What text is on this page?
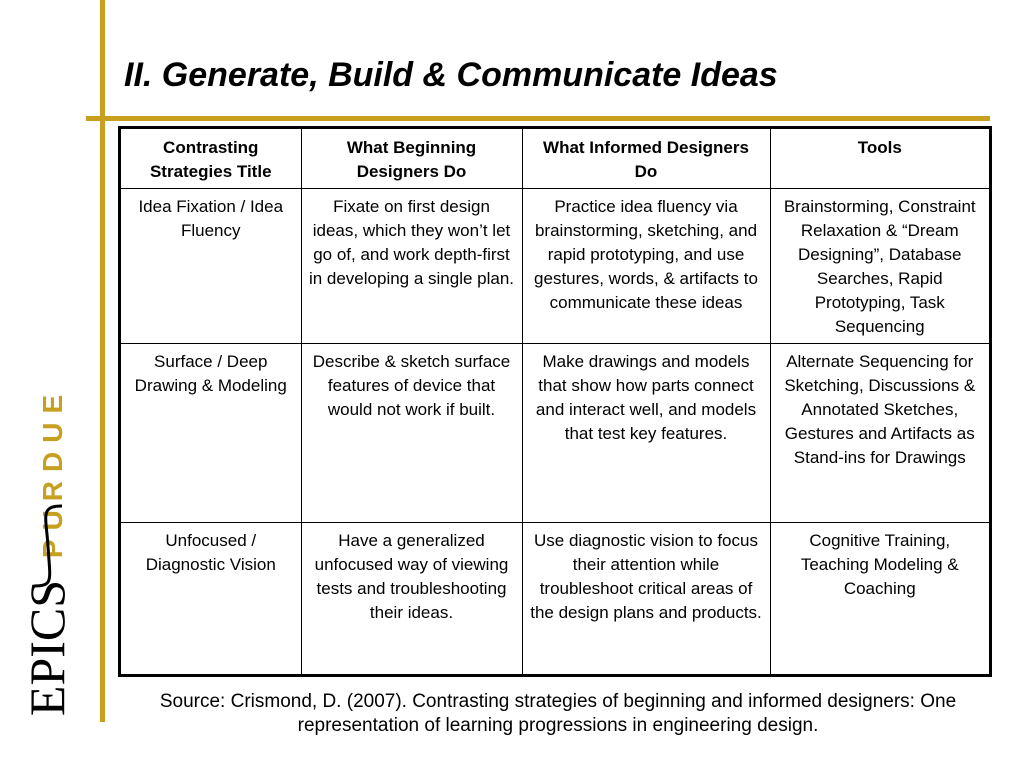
II. Generate, Build & Communicate Ideas
PURDUE
EPICS
Contrasting Strategies Title	What Beginning Designers Do	What Informed Designers Do	Tools
Idea Fixation / Idea Fluency	Fixate on first design ideas, which they won’t let go of, and work depth-first in developing a single plan.	Practice idea fluency via brainstorming, sketching, and rapid prototyping, and use gestures, words, & artifacts to communicate these ideas	Brainstorming, Constraint Relaxation & “Dream Designing”, Database Searches, Rapid Prototyping, Task Sequencing
Surface / Deep Drawing & Modeling	Describe & sketch surface features of device that would not work if built.	Make drawings and models that show how parts connect and interact well, and models that test key features.	Alternate Sequencing for Sketching, Discussions & Annotated Sketches, Gestures and Artifacts as Stand-ins for Drawings
Unfocused / Diagnostic Vision	Have a generalized unfocused way of viewing tests and troubleshooting their ideas.	Use diagnostic vision to focus their attention while troubleshoot critical areas of the design plans and products.	Cognitive Training, Teaching Modeling & Coaching

Source: Crismond, D. (2007). Contrasting strategies of beginning and informed designers: One representation of learning progressions in engineering design.
